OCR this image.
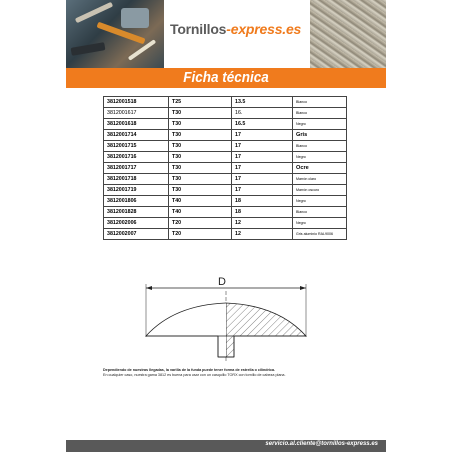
Tornillos-express.es
Ficha técnica
3812001518	T25	13.5	Blanco
3812001617	T30	16.	Blanco
3812001618	T30	16.5	Negro
3812001714	T30	17	Gris
3812001715	T30	17	Blanco
3812001716	T30	17	Negro
3812001717	T30	17	Ocre
3812001718	T30	17	Marrón claro
3812001719	T30	17	Marrón oscuro
3812001806	T40	18	Negro
3812001828	T40	18	Blanco
3812002006	T20	12	Negro
3812002007	T20	12	Gris aluminio RAL9006
D
Dependiendo de nuestras llegadas, la varilla de la funda puede tener forma de estrella o cilíndrica.
En cualquier caso, nuestra gama 3812 es buena para usar con un casquillo TORX con tornillo de cabeza plana.
servicio.al.cliente@tornillos-express.es
